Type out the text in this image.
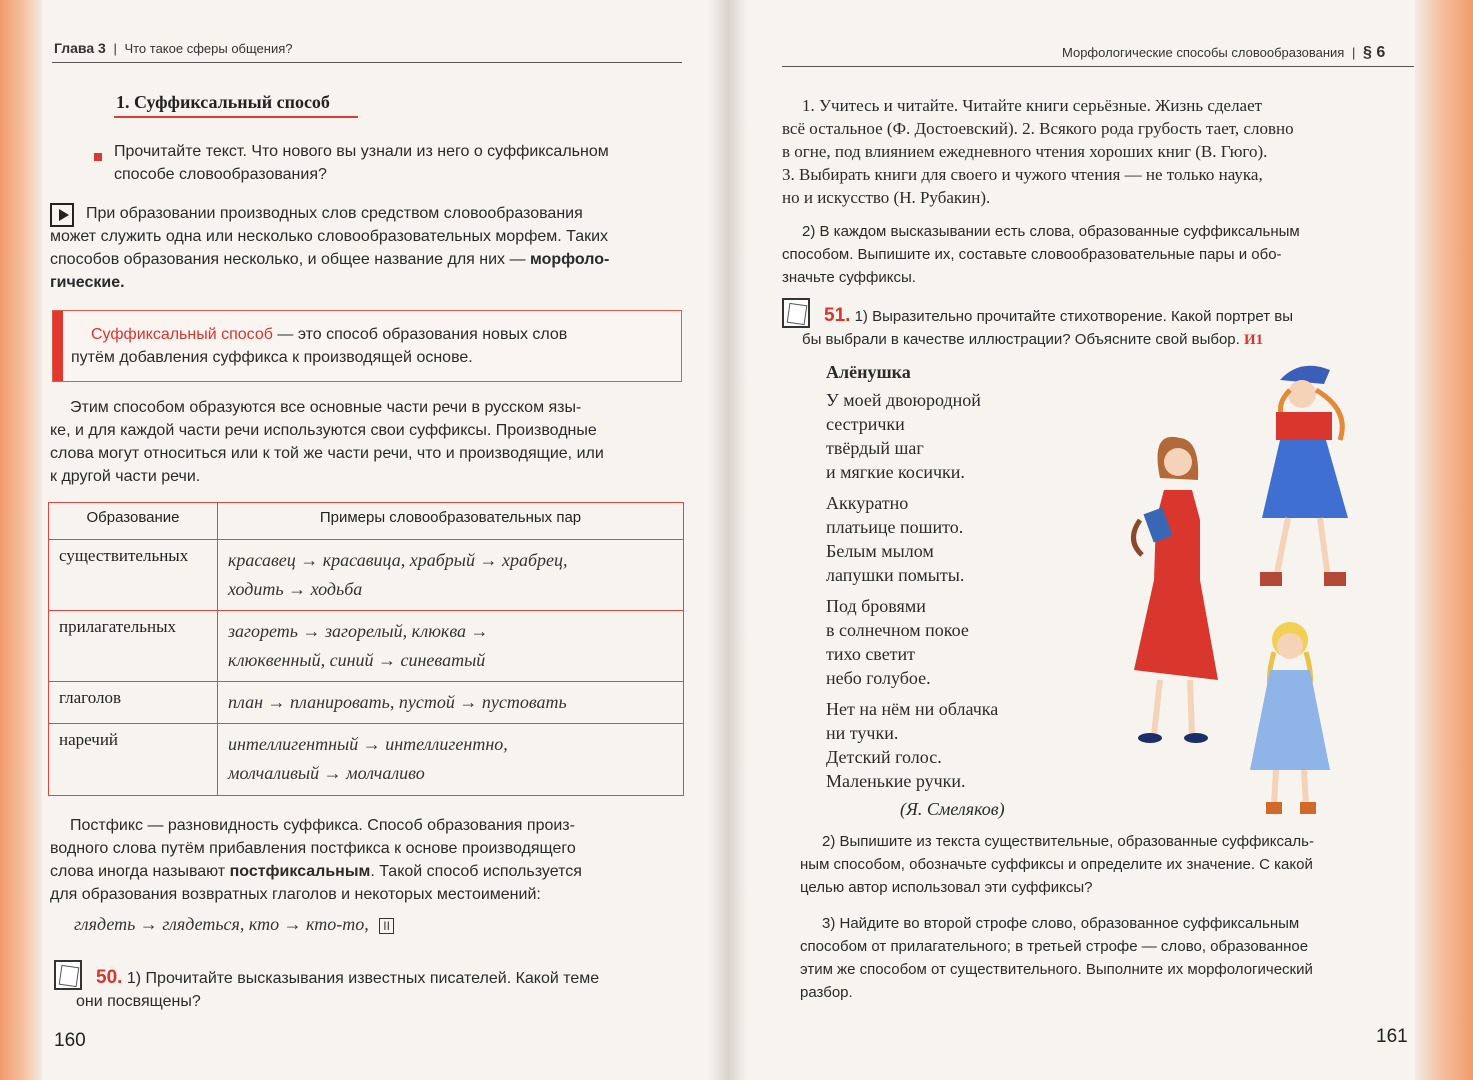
Глава 3 | Что такое сферы общения?
1. Суффиксальный способ

Прочитайте текст. Что нового вы узнали из него о суффиксальном

способе словообразования?

При образовании производных слов средством словообразования

может служить одна или несколько словообразовательных морфем. Таких

способов образования несколько, и общее название для них — морфоло-

гические.

Суффиксальный способ — это способ образования новых слов

путём добавления суффикса к производящей основе.

Этим способом образуются все основные части речи в русском язы-

ке, и для каждой части речи используются свои суффиксы. Производные

слова могут относиться или к той же части речи, что и производящие, или

к другой части речи.

Образование	Примеры словообразовательных пар
существительных	красавец → красавица, храбрый → храбрец,
ходить → ходьба

прилагательных	загореть → загорелый, клюква →
клюквенный, синий → синеватый

глаголов	план → планировать, пустой → пустовать

наречий	интеллигентный → интеллигентно,
молчаливый → молчаливо

Постфикс — разновидность суффикса. Способ образования произ-

водного слова путём прибавления постфикса к основе производящего

слова иногда называют постфиксальным. Такой способ используется

для образования возвратных глаголов и некоторых местоимений:

глядеть → глядеться, кто → кто-то, II

50. 1) Прочитайте высказывания известных писателей. Какой теме

они посвящены?

160
Морфологические способы словообразования | § 6

1. Учитесь и читайте. Читайте книги серьёзные. Жизнь сделает

всё остальное (Ф. Достоевский). 2. Всякого рода грубость тает, словно

в огне, под влиянием ежедневного чтения хороших книг (В. Гюго).

3. Выбирать книги для своего и чужого чтения — не только наука,

но и искусство (Н. Рубакин).

2) В каждом высказывании есть слова, образованные суффиксальным

способом. Выпишите их, составьте словообразовательные пары и обо-

значьте суффиксы.

51. 1) Выразительно прочитайте стихотворение. Какой портрет вы

бы выбрали в качестве иллюстрации? Объясните свой выбор. И1

Алёнушка

У моей двоюродной

сестрички

твёрдый шаг

и мягкие косички.

Аккуратно

платьице пошито.

Белым мылом

лапушки помыты.

Под бровями

в солнечном покое

тихо светит

небо голубое.

Нет на нём ни облачка

ни тучки.

Детский голос.

Маленькие ручки.

(Я. Смеляков)

2) Выпишите из текста существительные, образованные суффиксаль-

ным способом, обозначьте суффиксы и определите их значение. С какой

целью автор использовал эти суффиксы?

3) Найдите во второй строфе слово, образованное суффиксальным

способом от прилагательного; в третьей строфе — слово, образованное

этим же способом от существительного. Выполните их морфологический

разбор.

161
